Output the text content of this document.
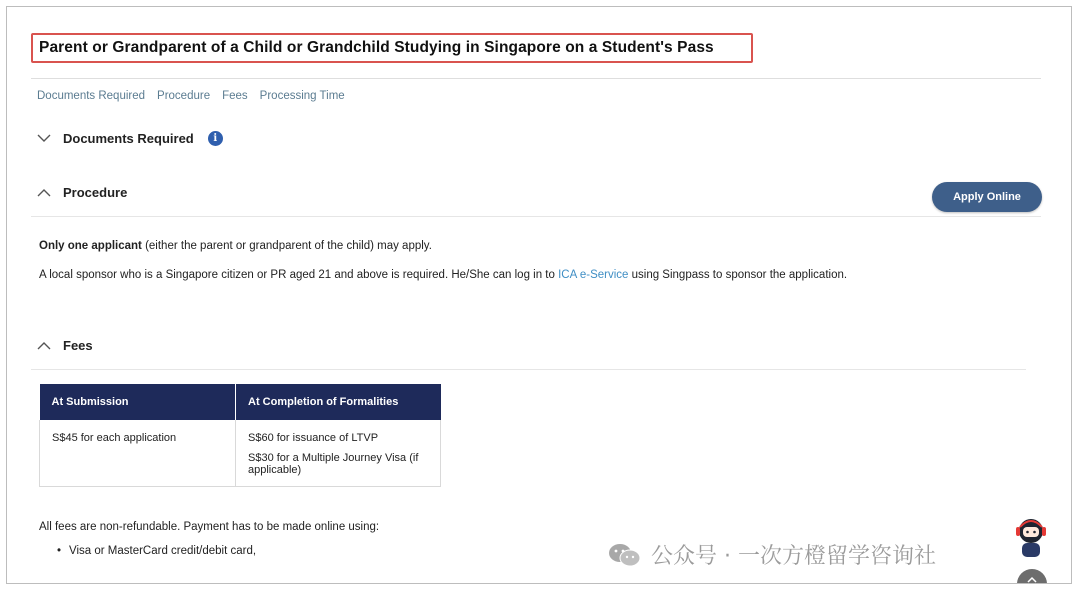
Parent or Grandparent of a Child or Grandchild Studying in Singapore on a Student's Pass
Documents Required Procedure Fees Processing Time
Documents Required	i
Procedure	Apply Online

Only one applicant (either the parent or grandparent of the child) may apply.

A local sponsor who is a Singapore citizen or PR aged 21 and above is required. He/She can log in to ICA e-Service using Singpass to sponsor the application.

Fees
At Submission	At Completion of Formalities

S$45 for each application	S$60 for issuance of LTVP
S$30 for a Multiple Journey Visa (if applicable)

All fees are non-refundable. Payment has to be made online using:

• Visa or MasterCard credit/debit card,	公众号 · 一次方橙留学咨询社
